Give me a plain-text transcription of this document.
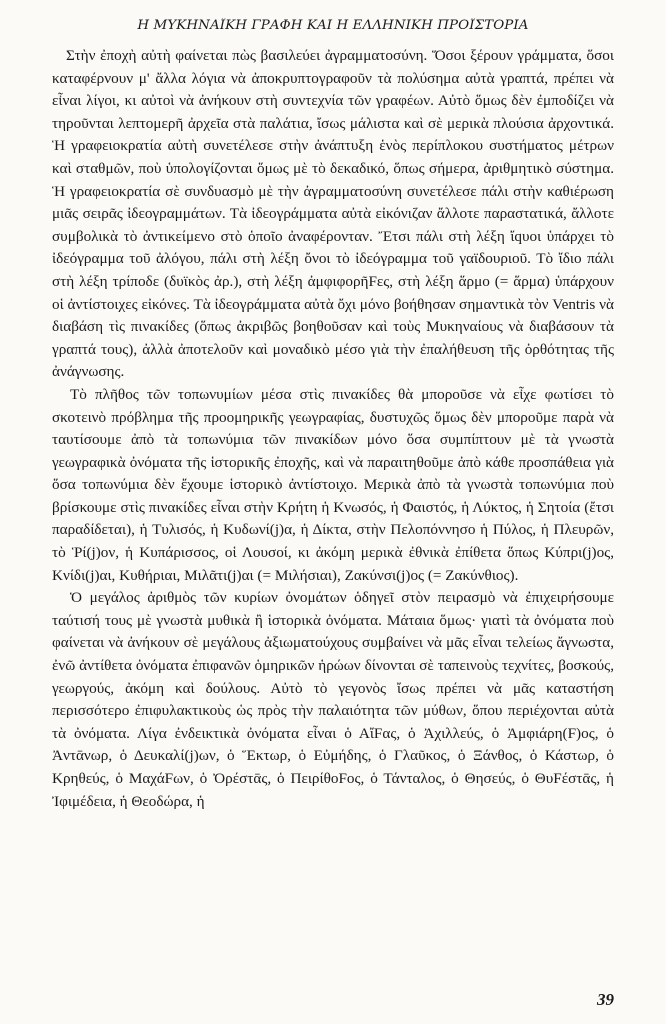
Η ΜΥΚΗΝΑΪΚΗ ΓΡΑΦΗ ΚΑΙ Η ΕΛΛΗΝΙΚΗ ΠΡΟΪΣΤΟΡΙΑ

Στὴν ἐποχὴ αὐτὴ φαίνεται πὼς βασιλεύει ἀγραμματοσύνη. Ὅσοι ξέρουν γράμματα, ὅσοι καταφέρνουν μ' ἄλλα λόγια νὰ ἀποκρυπτογραφοῦν τὰ πολύσημα αὐτὰ γραπτά, πρέπει νὰ εἶναι λίγοι, κι αὐτοὶ νὰ ἀνήκουν στὴ συντεχνία τῶν γραφέων. Αὐτὸ ὅμως δὲν ἐμποδίζει νὰ τηροῦνται λεπτομερῆ ἀρχεῖα στὰ παλάτια, ἴσως μάλιστα καὶ σὲ μερικὰ πλούσια ἀρχοντικά. Ἡ γραφειοκρατία αὐτὴ συνετέλεσε στὴν ἀνάπτυξη ἑνὸς περίπλοκου συστήματος μέτρων καὶ σταθμῶν, ποὺ ὑπολογίζονται ὅμως μὲ τὸ δεκαδικό, ὅπως σήμερα, ἀριθμητικὸ σύστημα. Ἡ γραφειοκρατία σὲ συνδυασμὸ μὲ τὴν ἀγραμματοσύνη συνετέλεσε πάλι στὴν καθιέρωση μιᾶς σειρᾶς ἰδεογραμμάτων. Τὰ ἰδεογράμματα αὐτὰ εἰκόνιζαν ἄλλοτε παραστατικά, ἄλλοτε συμβολικὰ τὸ ἀντικείμενο στὸ ὁποῖο ἀναφέρονταν. Ἔτσι πάλι στὴ λέξη ἴqυοι ὑπάρχει τὸ ἰδεόγραμμα τοῦ ἀλόγου, πάλι στὴ λέξη ὄνοι τὸ ἰδεόγραμμα τοῦ γαϊδουριοῦ. Τὸ ἴδιο πάλι στὴ λέξη τρίποδε (δυϊκὸς ἀρ.), στὴ λέξη ἀμφιφορῆFες, στὴ λέξη ἅρμο (= ἅρμα) ὑπάρχουν οἱ ἀντίστοιχες εἰκόνες. Τὰ ἰδεογράμματα αὐτὰ ὄχι μόνο βοήθησαν σημαντικὰ τὸν Ventris νὰ διαβάση τὶς πινακίδες (ὅπως ἀκριβῶς βοηθοῦσαν καὶ τοὺς Μυκηναίους νὰ διαβάσουν τὰ γραπτά τους), ἀλλὰ ἀποτελοῦν καὶ μοναδικὸ μέσο γιὰ τὴν ἐπαλήθευση τῆς ὀρθότητας τῆς ἀνάγνωσης.

Τὸ πλῆθος τῶν τοπωνυμίων μέσα στὶς πινακίδες θὰ μποροῦσε νὰ εἶχε φωτίσει τὸ σκοτεινὸ πρόβλημα τῆς προομηρικῆς γεωγραφίας, δυστυχῶς ὅμως δὲν μποροῦμε παρὰ νὰ ταυτίσουμε ἀπὸ τὰ τοπωνύμια τῶν πινακίδων μόνο ὅσα συμπίπτουν μὲ τὰ γνωστὰ γεωγραφικὰ ὀνόματα τῆς ἱστορικῆς ἐποχῆς, καὶ νὰ παραιτηθοῦμε ἀπὸ κάθε προσπάθεια γιὰ ὅσα τοπωνύμια δὲν ἔχουμε ἱστορικὸ ἀντίστοιχο. Μερικὰ ἀπὸ τὰ γνωστὰ τοπωνύμια ποὺ βρίσκουμε στὶς πινακίδες εἶναι στὴν Κρήτη ἡ Κνωσός, ἡ Φαιστός, ἡ Λύκτος, ἡ Σητοία (ἔτσι παραδίδεται), ἡ Τυλισός, ἡ Κυδωνί(j)α, ἡ Δίκτα, στὴν Πελοπόννησο ἡ Πύλος, ἡ Πλευρῶν, τὸ Ῥί(j)ον, ἡ Κυπάρισσος, οἱ Λουσοί, κι ἀκόμη μερικὰ ἐθνικὰ ἐπίθετα ὅπως Κύπρι(j)ος, Κνίδι(j)αι, Κυθήριαι, Μιλᾶτι(j)αι (= Μιλήσιαι), Ζακύνσι(j)ος (= Ζακύνθιος).

Ὁ μεγάλος ἀριθμὸς τῶν κυρίων ὀνομάτων ὁδηγεῖ στὸν πειρασμὸ νὰ ἐπιχειρήσουμε ταύτισή τους μὲ γνωστὰ μυθικὰ ἢ ἱστορικὰ ὀνόματα. Μάταια ὅμως· γιατὶ τὰ ὀνόματα ποὺ φαίνεται νὰ ἀνήκουν σὲ μεγάλους ἀξιωματούχους συμβαίνει νὰ μᾶς εἶναι τελείως ἄγνωστα, ἐνῶ ἀντίθετα ὀνόματα ἐπιφανῶν ὁμηρικῶν ἡρώων δίνονται σὲ ταπεινοὺς τεχνίτες, βοσκούς, γεωργούς, ἀκόμη καὶ δούλους. Αὐτὸ τὸ γεγονὸς ἴσως πρέπει νὰ μᾶς καταστήση περισσότερο ἐπιφυλακτικοὺς ὡς πρὸς τὴν παλαιότητα τῶν μύθων, ὅπου περιέχονται αὐτὰ τὰ ὀνόματα. Λίγα ἐνδεικτικὰ ὀνόματα εἶναι ὁ ΑἴFας, ὁ Ἀχιλλεύς, ὁ Ἀμφιάρη(F)ος, ὁ Ἀντᾱνωρ, ὁ Δευκαλί(j)ων, ὁ Ἕκτωρ, ὁ Εὐμήδης, ὁ Γλαῦκος, ὁ Ξάνθος, ὁ Κάστωρ, ὁ Κρηθεύς, ὁ ΜαχάFων, ὁ Ὀρέστᾱς, ὁ ΠειρίθοFος, ὁ Τάνταλος, ὁ Θησεύς, ὁ ΘυFέστᾱς, ἡ Ἰφιμέδεια, ἡ Θεοδώρα, ἡ

39
